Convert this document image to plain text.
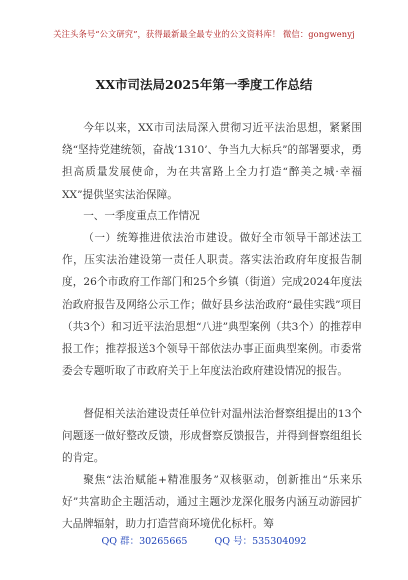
关注头条号“公文研究”，获得最新最全最专业的公文资料库！ 微信：gongwenyj
XX市司法局2025年第一季度工作总结

今年以来，XX市司法局深入贯彻习近平法治思想，紧紧围绕“坚持党建统领，奋战‘1310’、争当九大标兵”的部署要求，勇担高质量发展使命，为在共富路上全力打造“醉美之城·幸福XX”提供坚实法治保障。

一、一季度重点工作情况

（一）统筹推进依法治市建设。做好全市领导干部述法工作，压实法治建设第一责任人职责。落实法治政府年度报告制度，26个市政府工作部门和25个乡镇（街道）完成2024年度法治政府报告及网络公示工作；做好县乡法治政府“最佳实践”项目（共3个）和习近平法治思想“八进”典型案例（共3个）的推荐申报工作；推荐报送3个领导干部依法办事正面典型案例。市委常委会专题听取了市政府关于上年度法治政府建设情况的报告。

督促相关法治建设责任单位针对温州法治督察组提出的13个问题逐一做好整改反馈，形成督察反馈报告，并得到督察组组长的肯定。

聚焦“法治赋能+精准服务”双核驱动，创新推出“乐来乐好”共富助企主题活动，通过主题沙龙深化服务内涵互动游园扩大品牌辐射，助力打造营商环境优化标杆。筹

QQ 群：30265665	QQ 号：535304092
